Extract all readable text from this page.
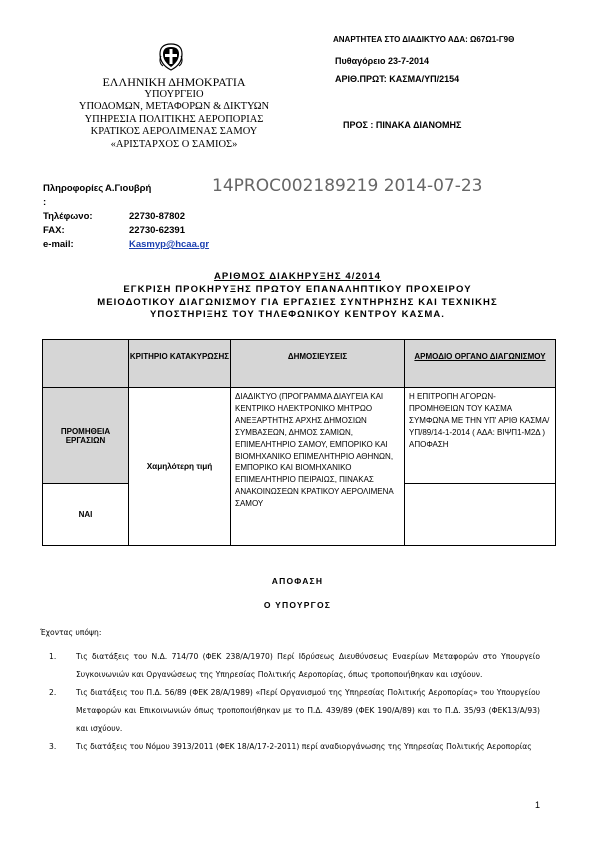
ΕΛΛΗΝΙΚΗ ΔΗΜΟΚΡΑΤΙΑ
ΥΠΟΥΡΓΕΙΟ
ΥΠΟΔΟΜΩΝ, ΜΕΤΑΦΟΡΩΝ & ΔΙΚΤΥΩΝ
ΥΠΗΡΕΣΙΑ ΠΟΛΙΤΙΚΗΣ ΑΕΡΟΠΟΡΙΑΣ
ΚΡΑΤΙΚΟΣ ΑΕΡΟΛΙΜΕΝΑΣ ΣΑΜΟΥ
«ΑΡΙΣΤΑΡΧΟΣ Ο ΣΑΜΙΟΣ»
ΑΝΑΡΤΗΤΕΑ ΣΤΟ ΔΙΑΔΙΚΤΥΟ ΑΔΑ: Ω67Ω1-Γ9Θ
Πυθαγόρειο 23-7-2014
ΑΡΙΘ.ΠΡΩΤ: ΚΑΣΜΑ/ΥΠ/2154
ΠΡΟΣ : ΠΙΝΑΚΑ ΔΙΑΝΟΜΗΣ
14PROC002189219 2014-07-23
Πληροφορίες :
Α.Γιουβρή
Τηλέφωνο:	22730-87802
FAX:	22730-62391
e-mail:	Kasmyp@hcaa.gr
ΑΡΙΘΜΟΣ ΔΙΑΚΗΡΥΞΗΣ 4/2014
ΕΓΚΡΙΣΗ ΠΡΟΚΗΡΥΞΗΣ ΠΡΩΤΟΥ ΕΠΑΝΑΛΗΠΤΙΚΟΥ ΠΡΟΧΕΙΡΟΥ
ΜΕΙΟΔΟΤΙΚΟΥ ΔΙΑΓΩΝΙΣΜΟΥ ΓΙΑ ΕΡΓΑΣΙΕΣ ΣΥΝΤΗΡΗΣΗΣ ΚΑΙ ΤΕΧΝΙΚΗΣ
ΥΠΟΣΤΗΡΙΞΗΣ ΤΟΥ ΤΗΛΕΦΩΝΙΚΟΥ ΚΕΝΤΡΟΥ ΚΑΣΜΑ.
	ΚΡΙΤΗΡΙΟ ΚΑΤΑΚΥΡΩΣΗΣ	ΔΗΜΟΣΙΕΥΣΕΙΣ	ΑΡΜΟΔΙΟ ΟΡΓΑΝΟ ΔΙΑΓΩΝΙΣΜΟΥ
ΠΡΟΜΗΘΕΙΑ ΕΡΓΑΣΙΩΝ	Χαμηλότερη τιμή	ΔΙΑΔΙΚΤΥΟ (ΠΡΟΓΡΑΜΜΑ ΔΙΑΥΓΕΙΑ ΚΑΙ ΚΕΝΤΡΙΚΟ ΗΛΕΚΤΡΟΝΙΚΟ ΜΗΤΡΩΟ ΑΝΕΞΑΡΤΗΤΗΣ ΑΡΧΗΣ ΔΗΜΟΣΙΩΝ ΣΥΜΒΑΣΕΩΝ, ΔΗΜΟΣ ΣΑΜΙΩΝ, ΕΠΙΜΕΛΗΤΗΡΙΟ ΣΑΜΟΥ, ΕΜΠΟΡΙΚΟ ΚΑΙ ΒΙΟΜΗΧΑΝΙΚΟ ΕΠΙΜΕΛΗΤΗΡΙΟ ΑΘΗΝΩΝ, ΕΜΠΟΡΙΚΟ ΚΑΙ ΒΙΟΜΗΧΑΝΙΚΟ ΕΠΙΜΕΛΗΤΗΡΙΟ ΠΕΙΡΑΙΩΣ, ΠΙΝΑΚΑΣ ΑΝΑΚΟΙΝΩΣΕΩΝ ΚΡΑΤΙΚΟΥ ΑΕΡΟΛΙΜΕΝΑ ΣΑΜΟΥ	Η ΕΠΙΤΡΟΠΗ ΑΓΟΡΩΝ-ΠΡΟΜΗΘΕΙΩΝ ΤΟΥ ΚΑΣΜΑ ΣΥΜΦΩΝΑ ΜΕ ΤΗΝ ΥΠ' ΑΡΙΘ ΚΑΣΜΑ/ΥΠ/89/14-1-2014 ( ΑΔΑ: ΒΙΨΠ1-Μ2Δ ) ΑΠΟΦΑΣΗ
ΝΑΙ			
ΑΠΟΦΑΣΗ
Ο ΥΠΟΥΡΓΟΣ
Έχοντας υπόψη:
1.	Τις διατάξεις του Ν.Δ. 714/70 (ΦΕΚ 238/Α/1970) Περί Ιδρύσεως Διευθύνσεως Εναερίων Μεταφορών στο Υπουργείο Συγκοινωνιών και Οργανώσεως της Υπηρεσίας Πολιτικής Αεροπορίας, όπως τροποποιήθηκαν και ισχύουν.
2.	Τις διατάξεις του Π.Δ. 56/89 (ΦΕΚ 28/Α/1989) «Περί Οργανισμού της Υπηρεσίας Πολιτικής Αεροπορίας» του Υπουργείου Μεταφορών και Επικοινωνιών όπως τροποποιήθηκαν με το Π.Δ. 439/89 (ΦΕΚ 190/Α/89) και το Π.Δ. 35/93 (ΦΕΚ13/Α/93) και ισχύουν.
3.	Τις διατάξεις του Νόμου 3913/2011 (ΦΕΚ 18/Α/17-2-2011) περί αναδιοργάνωσης της Υπηρεσίας Πολιτικής Αεροπορίας
1
